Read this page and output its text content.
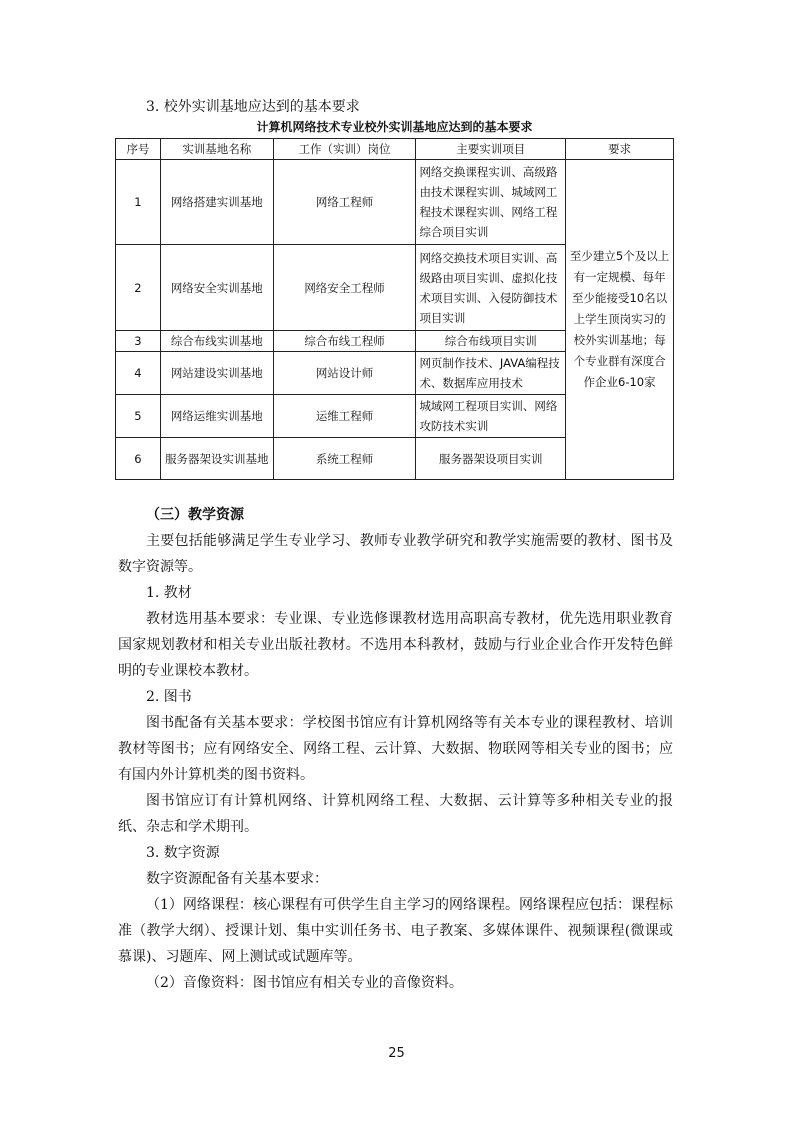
3. 校外实训基地应达到的基本要求
计算机网络技术专业校外实训基地应达到的基本要求
序号	实训基地名称	工作（实训）岗位	主要实训项目	要求
1	网络搭建实训基地	网络工程师	网络交换课程实训、高级路由技术课程实训、城域网工程技术课程实训、网络工程综合项目实训	至少建立5个及以上有一定规模、每年至少能接受10名以上学生顶岗实习的校外实训基地；每个专业群有深度合作企业6-10家
2	网络安全实训基地	网络安全工程师	网络交换技术项目实训、高级路由项目实训、虚拟化技术项目实训、入侵防御技术项目实训	
3	综合布线实训基地	综合布线工程师	综合布线项目实训	
4	网站建设实训基地	网站设计师	网页制作技术、JAVA编程技术、数据库应用技术	
5	网络运维实训基地	运维工程师	城域网工程项目实训、网络攻防技术实训	
6	服务器架设实训基地	系统工程师	服务器架设项目实训	
（三）教学资源

主要包括能够满足学生专业学习、教师专业教学研究和教学实施需要的教材、图书及数字资源等。

1. 教材

教材选用基本要求：专业课、专业选修课教材选用高职高专教材，优先选用职业教育国家规划教材和相关专业出版社教材。不选用本科教材，鼓励与行业企业合作开发特色鲜明的专业课校本教材。

2. 图书

图书配备有关基本要求：学校图书馆应有计算机网络等有关本专业的课程教材、培训教材等图书；应有网络安全、网络工程、云计算、大数据、物联网等相关专业的图书；应有国内外计算机类的图书资料。

图书馆应订有计算机网络、计算机网络工程、大数据、云计算等多种相关专业的报纸、杂志和学术期刊。

3. 数字资源

数字资源配备有关基本要求：

（1）网络课程：核心课程有可供学生自主学习的网络课程。网络课程应包括：课程标准（教学大纲）、授课计划、集中实训任务书、电子教案、多媒体课件、视频课程(微课或慕课)、习题库、网上测试或试题库等。

（2）音像资料：图书馆应有相关专业的音像资料。

25
